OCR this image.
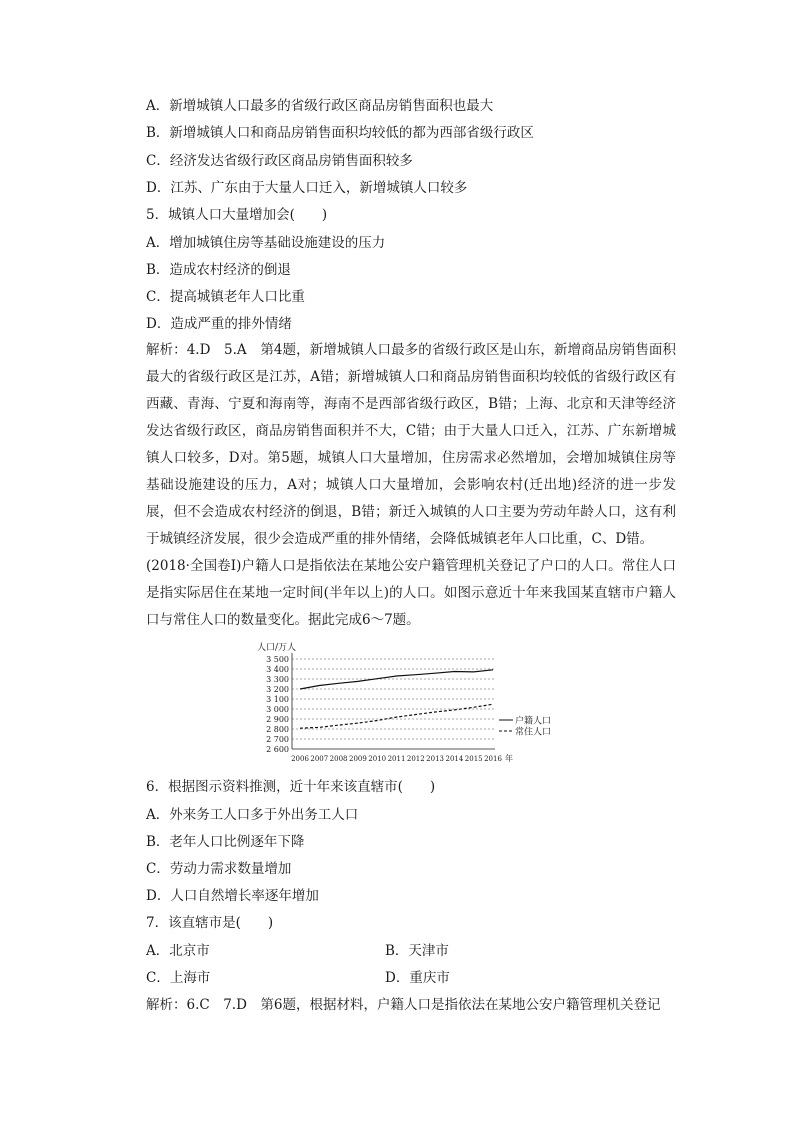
A．新增城镇人口最多的省级行政区商品房销售面积也最大
B．新增城镇人口和商品房销售面积均较低的都为西部省级行政区
C．经济发达省级行政区商品房销售面积较多
D．江苏、广东由于大量人口迁入，新增城镇人口较多
5．城镇人口大量增加会(　　)
A．增加城镇住房等基础设施建设的压力
B．造成农村经济的倒退
C．提高城镇老年人口比重
D．造成严重的排外情绪
解析：4.D　5.A　第4题，新增城镇人口最多的省级行政区是山东，新增商品房销售面积最大的省级行政区是江苏，A错；新增城镇人口和商品房销售面积均较低的省级行政区有西藏、青海、宁夏和海南等，海南不是西部省级行政区，B错；上海、北京和天津等经济发达省级行政区，商品房销售面积并不大，C错；由于大量人口迁入，江苏、广东新增城镇人口较多，D对。第5题，城镇人口大量增加，住房需求必然增加，会增加城镇住房等基础设施建设的压力，A对；城镇人口大量增加，会影响农村(迁出地)经济的进一步发展，但不会造成农村经济的倒退，B错；新迁入城镇的人口主要为劳动年龄人口，这有利于城镇经济发展，很少会造成严重的排外情绪，会降低城镇老年人口比重，C、D错。
(2018·全国卷Ⅰ)户籍人口是指依法在某地公安户籍管理机关登记了户口的人口。常住人口是指实际居住在某地一定时间(半年以上)的人口。如图示意近十年来我国某直辖市户籍人口与常住人口的数量变化。据此完成6～7题。
人口/万人
3 500
3 400
3 300
3 200
3 100
3 000
2 900
2 800
2 700
2 600
2006 2007 2008 2009 2010 2011 2012 2013 2014 2015 2016 年
户籍人口
常住人口
6．根据图示资料推测，近十年来该直辖市(　　)
A．外来务工人口多于外出务工人口
B．老年人口比例逐年下降
C．劳动力需求数量增加
D．人口自然增长率逐年增加
7．该直辖市是(　　)
A．北京市	B．天津市
C．上海市	D．重庆市
解析：6.C　7.D　第6题，根据材料，户籍人口是指依法在某地公安户籍管理机关登记
